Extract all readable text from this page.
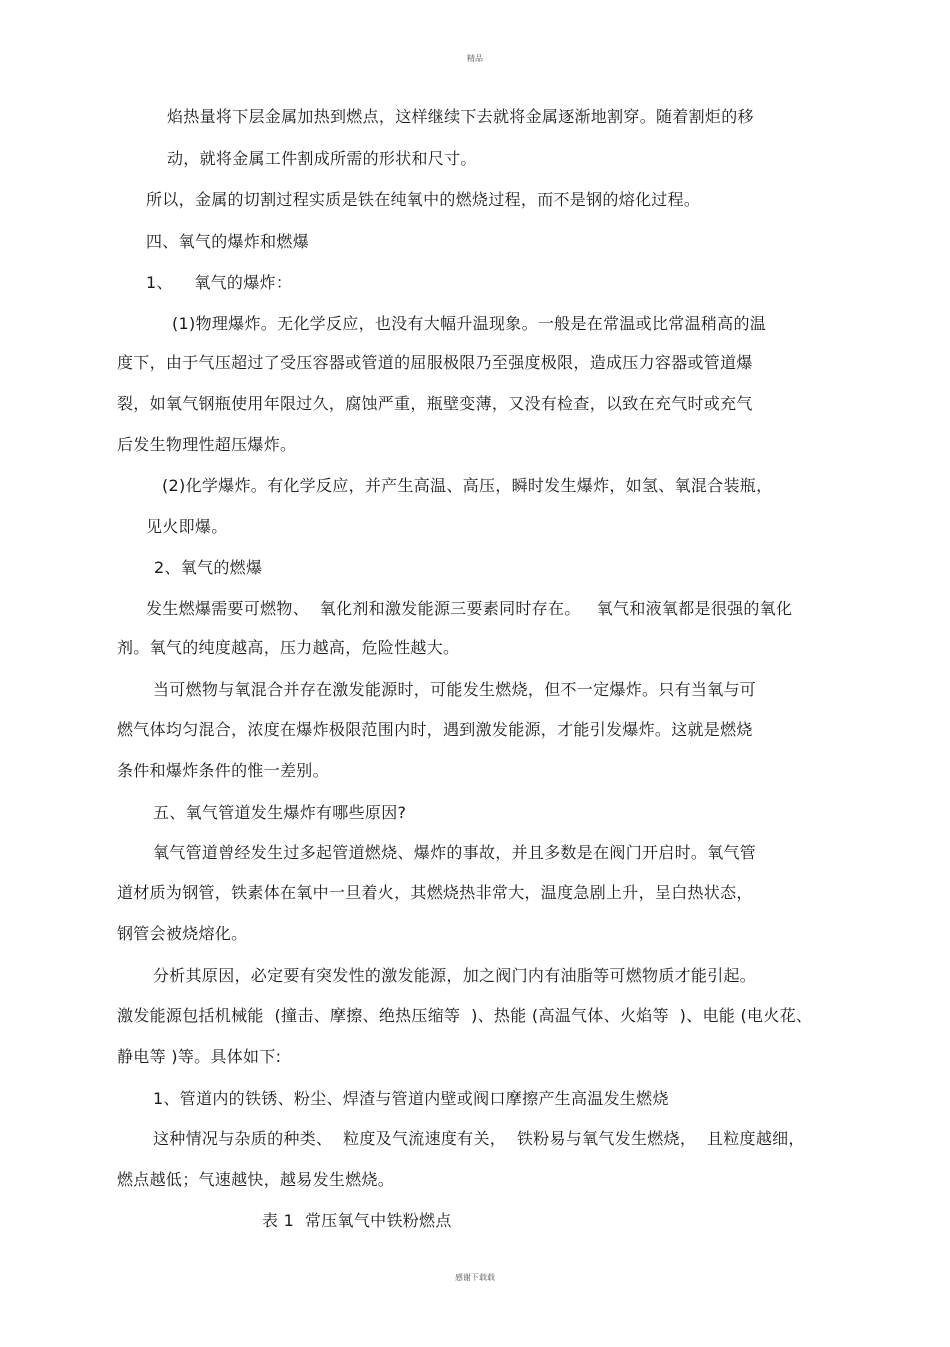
精品
焰热量将下层金属加热到燃点，这样继续下去就将金属逐渐地割穿。随着割炬的移
动，就将金属工件割成所需的形状和尺寸。
所以，金属的切割过程实质是铁在纯氧中的燃烧过程，而不是钢的熔化过程。
四、氧气的爆炸和燃爆
1、    氧气的爆炸：
(1)物理爆炸。无化学反应，也没有大幅升温现象。一般是在常温或比常温稍高的温
度下，由于气压超过了受压容器或管道的屈服极限乃至强度极限，造成压力容器或管道爆
裂，如氧气钢瓶使用年限过久，腐蚀严重，瓶壁变薄，又没有检查，以致在充气时或充气
后发生物理性超压爆炸。
(2)化学爆炸。有化学反应，并产生高温、高压，瞬时发生爆炸，如氢、氧混合装瓶，
见火即爆。
2、氧气的燃爆
发生燃爆需要可燃物、  氧化剂和激发能源三要素同时存在。   氧气和液氧都是很强的氧化
剂。氧气的纯度越高，压力越高，危险性越大。
当可燃物与氧混合并存在激发能源时，可能发生燃烧，但不一定爆炸。只有当氧与可
燃气体均匀混合，浓度在爆炸极限范围内时，遇到激发能源，才能引发爆炸。这就是燃烧
条件和爆炸条件的惟一差别。
五、氧气管道发生爆炸有哪些原因?
氧气管道曾经发生过多起管道燃烧、爆炸的事故，并且多数是在阀门开启时。氧气管
道材质为钢管，铁素体在氧中一旦着火，其燃烧热非常大，温度急剧上升，呈白热状态，
钢管会被烧熔化。
分析其原因，必定要有突发性的激发能源，加之阀门内有油脂等可燃物质才能引起。
激发能源包括机械能  (撞击、摩擦、绝热压缩等  )、热能 (高温气体、火焰等  )、电能 (电火花、
静电等 )等。具体如下:
1、管道内的铁锈、粉尘、焊渣与管道内壁或阀口摩擦产生高温发生燃烧
这种情况与杂质的种类、  粒度及气流速度有关，  铁粉易与氧气发生燃烧，  且粒度越细，
燃点越低；气速越快，越易发生燃烧。
表 1  常压氧气中铁粉燃点
感谢下载载
